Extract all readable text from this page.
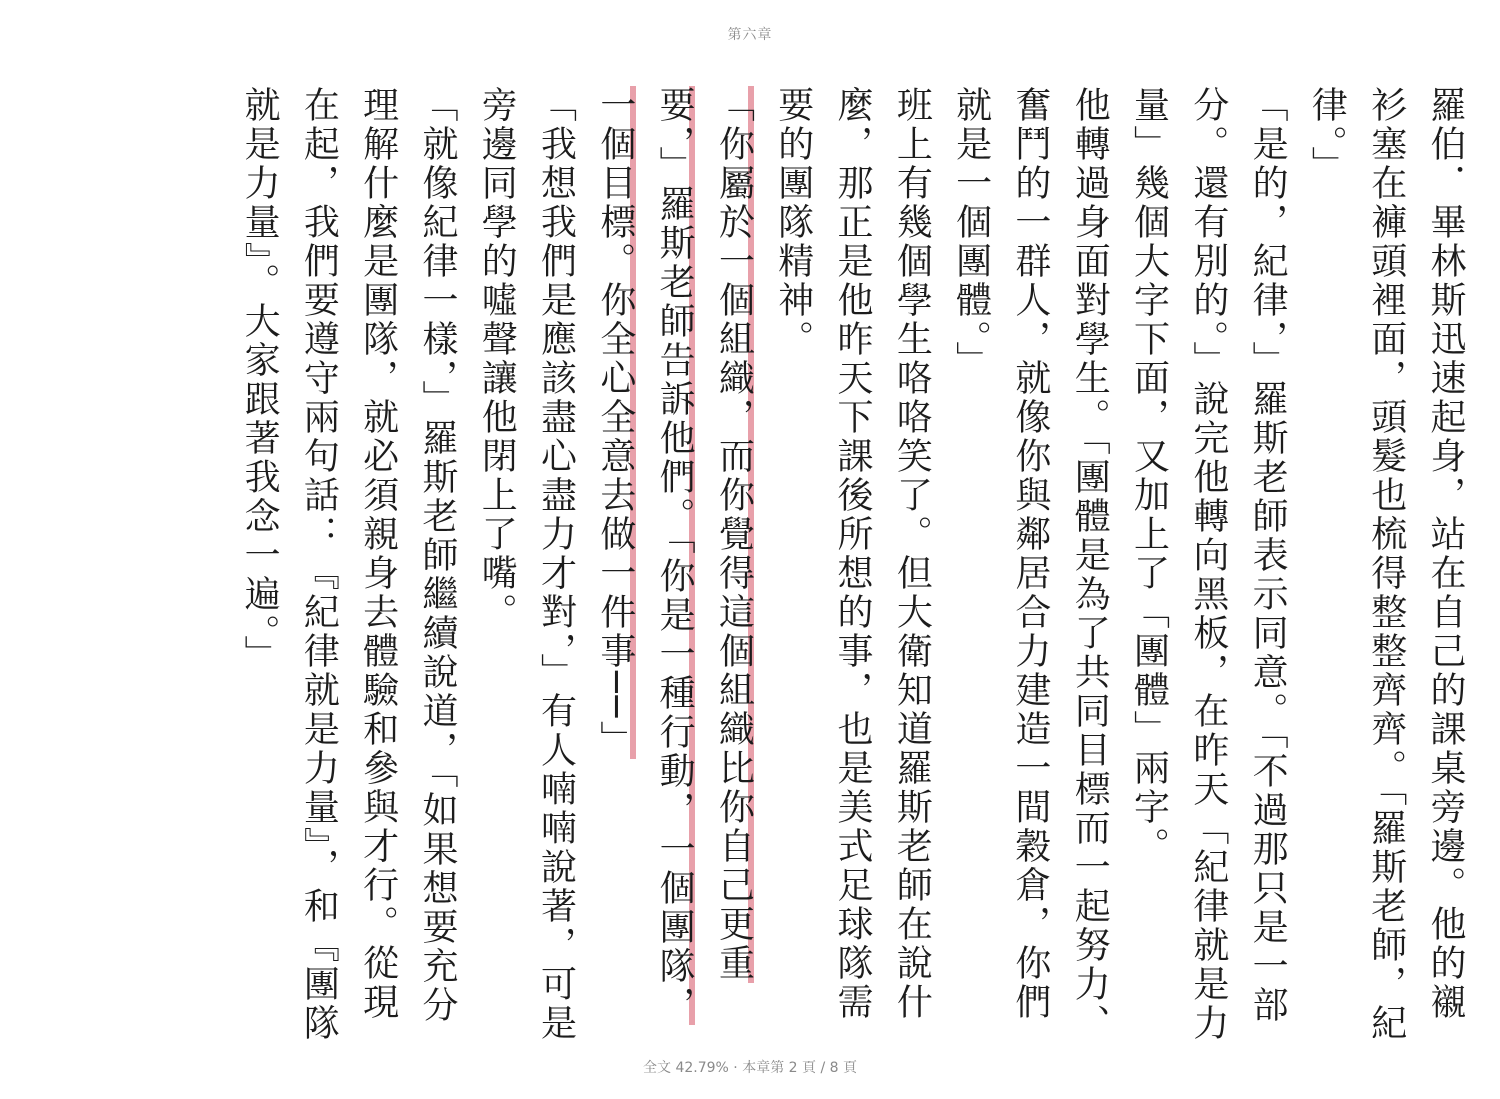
第六章

羅伯．畢林斯迅速起身，站在自己的課桌旁邊。他的襯衫塞在褲頭裡面，頭髮也梳得整整齊齊。「羅斯老師，紀律。」

「是的，紀律，」羅斯老師表示同意。「不過那只是一部分。還有別的。」說完他轉向黑板，在昨天「紀律就是力量」幾個大字下面，又加上了「團體」兩字。

他轉過身面對學生。「團體是為了共同目標而一起努力、奮鬥的一群人，就像你與鄰居合力建造一間穀倉，你們就是一個團體。」

班上有幾個學生咯咯笑了。但大衛知道羅斯老師在說什麼，那正是他昨天下課後所想的事，也是美式足球隊需要的團隊精神。

「你屬於一個組織，而你覺得這個組織比你自己更重要，」羅斯老師告訴他們。「你是一種行動，一個團隊，一個目標。你全心全意去做一件事──」

「我想我們是應該盡心盡力才對，」有人喃喃說著，可是旁邊同學的噓聲讓他閉上了嘴。

「就像紀律一樣，」羅斯老師繼續說道，「如果想要充分理解什麼是團隊，就必須親身去體驗和參與才行。從現在起，我們要遵守兩句話：『紀律就是力量』，和『團隊就是力量』。大家跟著我念一遍。」

全文 42.79% · 本章第 2 頁 / 8 頁
